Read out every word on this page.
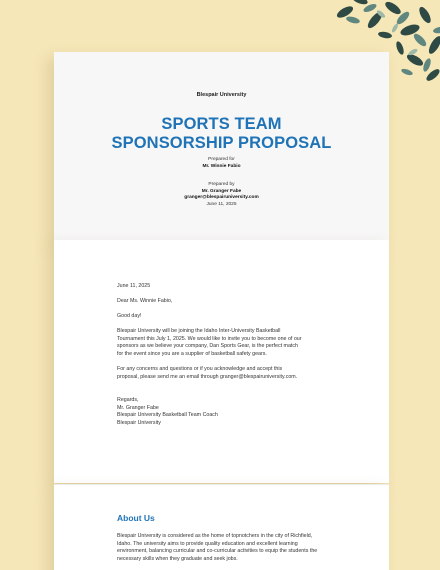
Blespair University
SPORTS TEAM
SPONSORSHIP PROPOSAL
Prepared for
Mr. Winnie Fabio
Prepared by
Mr. Granger Fabe
granger@blespairuniversity.com
June 11, 2025
June 11, 2025
Dear Ms. Winnie Fabio,
Good day!

Blespair University will be joining the Idaho Inter-University Basketball

Tournament this July 1, 2025. We would like to invite you to become one of our

sponsors as we believe your company, Dan Sports Gear, is the perfect match

for the event since you are a supplier of basketball safety gears.

For any concerns and questions or if you acknowledge and accept this

proposal, please send me an email through granger@blespairuniversity.com.

Regards,

Mr. Granger Fabe

Blespair University Basketball Team Coach

Blespair University

About Us

Blespair University is considered as the home of topnotchers in the city of Richfield,

Idaho. The university aims to provide quality education and excellent learning

environment, balancing curricular and co-curricular activities to equip the students the

necessary skills when they graduate and seek jobs.
